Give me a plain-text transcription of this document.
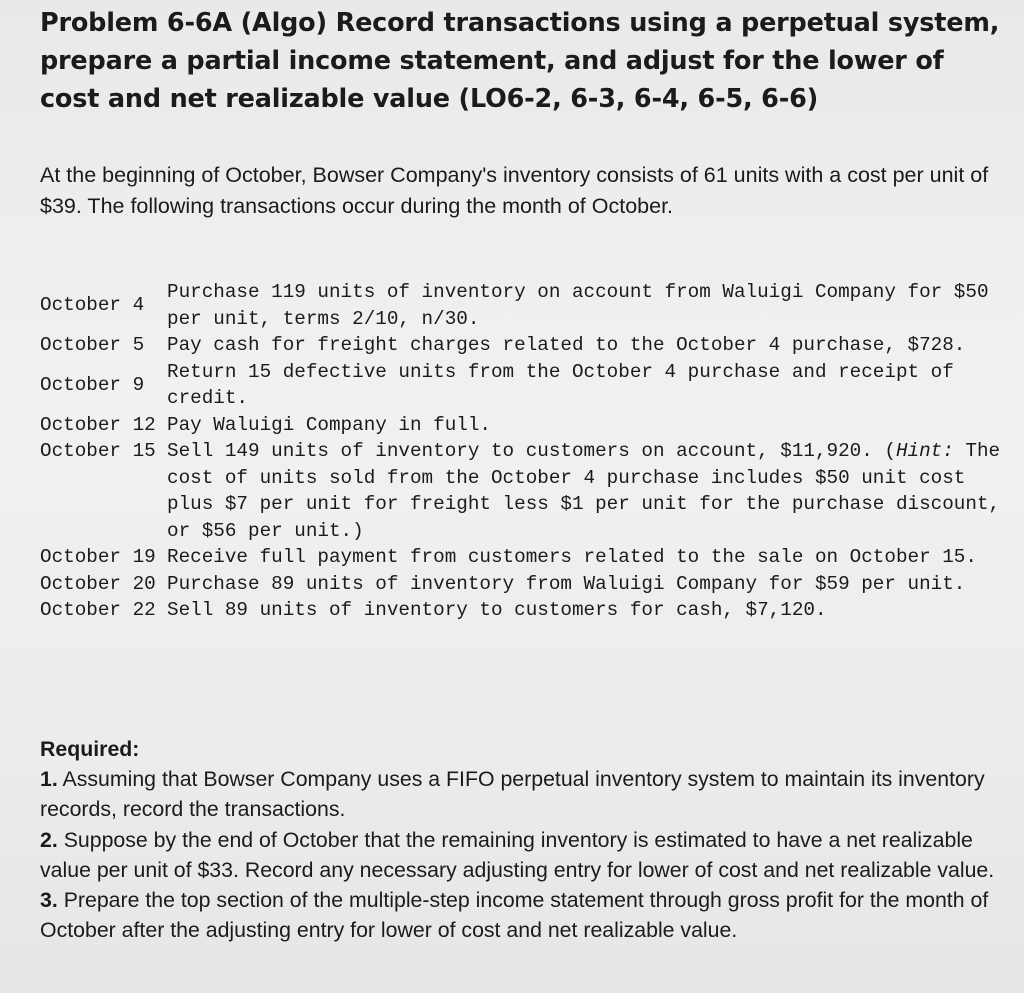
Problem 6-6A (Algo) Record transactions using a perpetual system, prepare a partial income statement, and adjust for the lower of cost and net realizable value (LO6-2, 6-3, 6-4, 6-5, 6-6)

At the beginning of October, Bowser Company's inventory consists of 61 units with a cost per unit of $39. The following transactions occur during the month of October.

October 4
Purchase 119 units of inventory on account from Waluigi Company for $50 per unit, terms 2/10, n/30.
October 5	Pay cash for freight charges related to the October 4 purchase, $728.
October 9
Return 15 defective units from the October 4 purchase and receipt of credit.
October 12 Pay Waluigi Company in full.
October 15 Sell 149 units of inventory to customers on account, $11,920. (Hint: The cost of units sold from the October 4 purchase includes $50 unit cost plus $7 per unit for freight less $1 per unit for the purchase discount, or $56 per unit.)
October 19 Receive full payment from customers related to the sale on October 15.
October 20 Purchase 89 units of inventory from Waluigi Company for $59 per unit.
October 22 Sell 89 units of inventory to customers for cash, $7,120.

Required:

1. Assuming that Bowser Company uses a FIFO perpetual inventory system to maintain its inventory records, record the transactions.
2. Suppose by the end of October that the remaining inventory is estimated to have a net realizable value per unit of $33. Record any necessary adjusting entry for lower of cost and net realizable value.
3. Prepare the top section of the multiple-step income statement through gross profit for the month of October after the adjusting entry for lower of cost and net realizable value.
